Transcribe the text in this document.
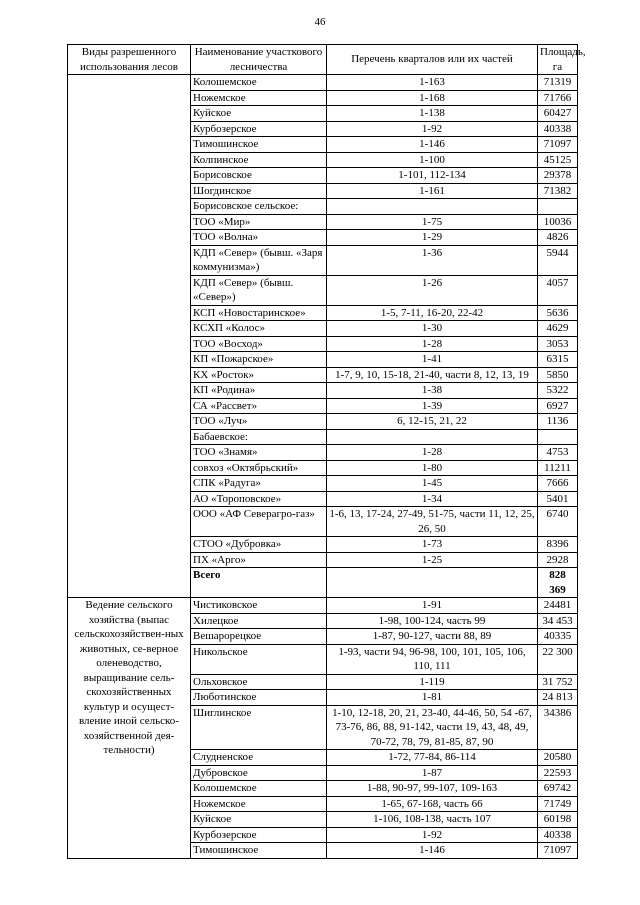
46
Виды разрешенного использования лесов	Наименование участкового лесничества	Перечень кварталов или их частей	Площадь, га
	Колошемское	1-163	71319
	Ножемское	1-168	71766
	Куйское	1-138	60427
	Курбозерское	1-92	40338
	Тимошинское	1-146	71097
	Колпинское	1-100	45125
	Борисовское	1-101, 112-134	29378
	Шогдинское	1-161	71382
	Борисовское сельское:		
	ТОО «Мир»	1-75	10036
	ТОО «Волна»	1-29	4826
	КДП «Север» (бывш. «Заря коммунизма»)	1-36	5944
	КДП «Север» (бывш. «Север»)	1-26	4057
	КСП «Новостаринское»	1-5, 7-11, 16-20, 22-42	5636
	КСХП «Колос»	1-30	4629
	ТОО «Восход»	1-28	3053
	КП «Пожарское»	1-41	6315
	КХ «Росток»	1-7, 9, 10, 15-18, 21-40, части 8, 12, 13, 19	5850
	КП «Родина»	1-38	5322
	СА «Рассвет»	1-39	6927
	ТОО «Луч»	6, 12-15, 21, 22	1136
	Бабаевское:		
	ТОО «Знамя»	1-28	4753
	совхоз «Октябрьский»	1-80	11211
	СПК «Радуга»	1-45	7666
	АО «Тороповское»	1-34	5401
	ООО «АФ Северагро-газ»	1-6, 13, 17-24, 27-49, 51-75, части 11, 12, 25, 26, 50	6740
	СТОО «Дубровка»	1-73	8396
	ПХ «Арго»	1-25	2928
	Всего		828 369
Ведение сельского хозяйства (выпас сельскохозяйствен-ных животных, се-верное оленеводство, выращивание сель-скохозяйственных культур и осущест-вление иной сельско-хозяйственной дея-тельности)	Чистиковское	1-91	24481
	Хилецкое	1-98, 100-124, часть 99	34 453
	Вешарорецкое	1-87, 90-127, части 88, 89	40335
	Никольское	1-93, части 94, 96-98, 100, 101, 105, 106, 110, 111	22 300
	Ольховское	1-119	31 752
	Люботинское	1-81	24 813
	Шиглинское	1-10, 12-18, 20, 21, 23-40, 44-46, 50, 54 -67, 73-76, 86, 88, 91-142, части 19, 43, 48, 49, 70-72, 78, 79, 81-85, 87, 90	34386
	Слудненское	1-72, 77-84, 86-114	20580
	Дубровское	1-87	22593
	Колошемское	1-88, 90-97, 99-107, 109-163	69742
	Ножемское	1-65, 67-168, часть 66	71749
	Куйское	1-106, 108-138, часть 107	60198
	Курбозерское	1-92	40338
	Тимошинское	1-146	71097
